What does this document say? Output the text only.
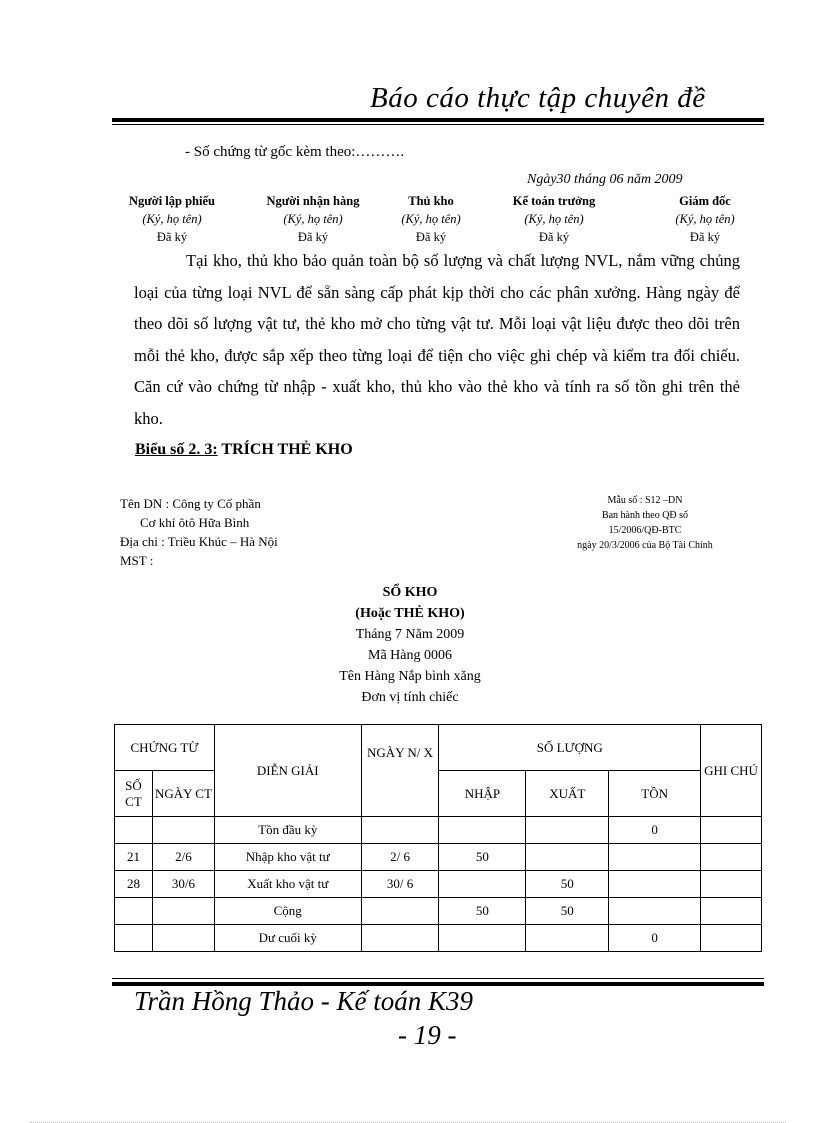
Báo cáo thực tập chuyên đề
- Số chứng từ gốc kèm theo:……….
Ngày30 tháng 06 năm 2009
Người lập phiếu
(Ký, họ tên)
Đã ký
Người nhận hàng
(Ký, họ tên)
Đã ký
Thủ kho
(Ký, họ tên)
Đã ký
Kế toán trưởng
(Ký, họ tên)
Đã ký
Giám đốc
(Ký, họ tên)
Đã ký
Tại kho, thủ kho bảo quản toàn bộ số lượng và chất lượng NVL, nắm vững chủng loại của từng loại NVL để sẵn sàng cấp phát kịp thời cho các phân xưởng. Hàng ngày để theo dõi số lượng vật tư, thẻ kho mở cho từng vật tư. Mỗi loại vật liệu được theo dõi trên mỗi thẻ kho, được sắp xếp theo từng loại để tiện cho việc ghi chép và kiểm tra đối chiếu. Căn cứ vào chứng từ nhập - xuất kho, thủ kho vào thẻ kho và tính ra số tồn ghi trên thẻ kho.
Biểu số 2. 3: TRÍCH THẺ KHO
Tên DN : Công ty Cổ phần
Cơ khí ôtô Hữa Bình
Địa chỉ : Triều Khúc – Hà Nội
MST :
Mẫu số : S12 –DN
Ban hành theo QĐ số
15/2006/QĐ-BTC
ngày 20/3/2006 của Bộ Tài Chính
SỔ KHO
(Hoặc THẺ KHO)
Tháng 7 Năm 2009
Mã Hàng 0006
Tên Hàng Nắp bình xăng
Đơn vị tính chiếc
CHỨNG TỪ		DIỄN GIẢI	NGÀY N/ X	SỐ LƯỢNG			GHI CHÚ
SỐ CT	NGÀY CT			NHẬP	XUẤT	TỒN	
		Tồn đầu kỳ				0	
21	2/6	Nhập kho vật tư	2/ 6	50			
28	30/6	Xuất kho vật tư	30/ 6		50		
		Cộng		50	50		
		Dư cuối kỳ				0	
Trần Hồng Thảo - Kế toán K39
- 19 -
